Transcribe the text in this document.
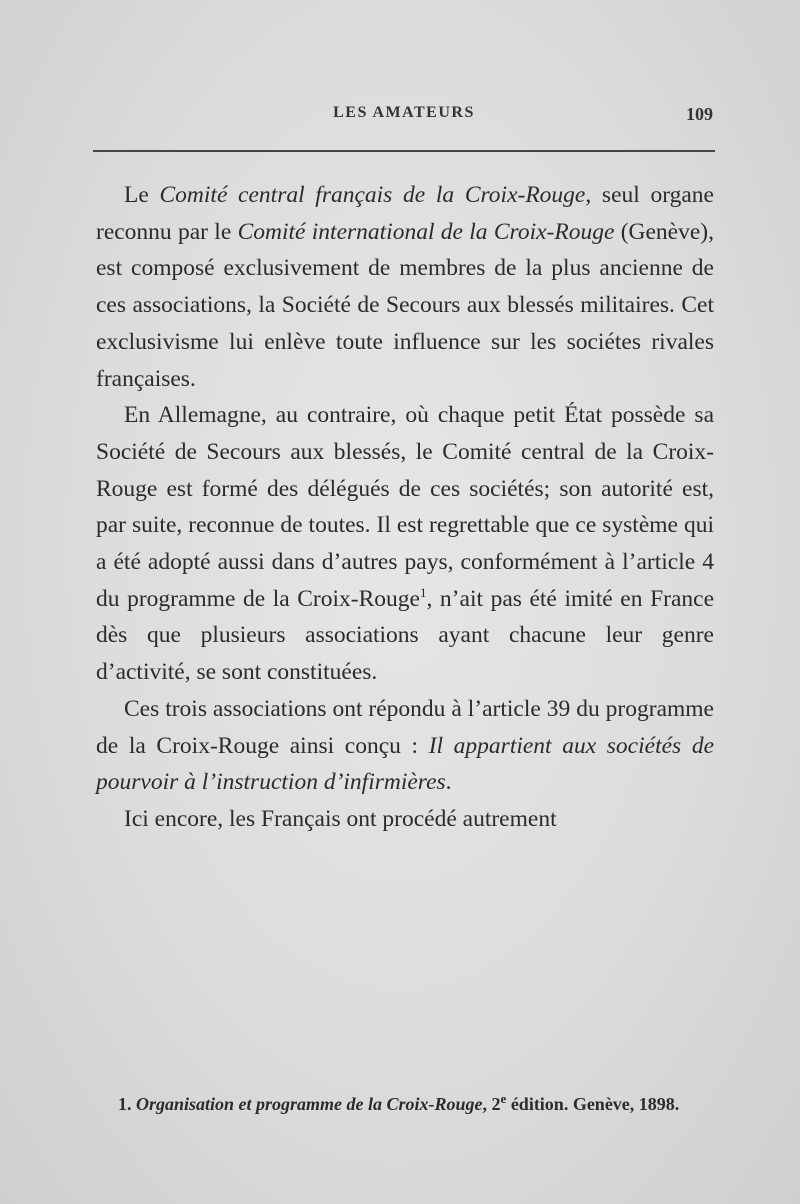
LES AMATEURS	109

Le Comité central français de la Croix-Rouge, seul organe reconnu par le Comité international de la Croix-Rouge (Genève), est composé exclusivement de membres de la plus ancienne de ces associations, la Société de Secours aux blessés militaires. Cet exclusivisme lui enlève toute influence sur les sociétes rivales françaises.

En Allemagne, au contraire, où chaque petit État possède sa Société de Secours aux blessés, le Comité central de la Croix-Rouge est formé des délégués de ces sociétés; son autorité est, par suite, reconnue de toutes. Il est regrettable que ce système qui a été adopté aussi dans d’autres pays, conformément à l’article 4 du programme de la Croix-Rouge$^1$, n’ait pas été imité en France dès que plusieurs associations ayant chacune leur genre d’activité, se sont constituées.

Ces trois associations ont répondu à l’article 39 du programme de la Croix-Rouge ainsi conçu : Il appartient aux sociétés de pourvoir à l’instruction d’infirmières.

Ici encore, les Français ont procédé autrement

1. Organisation et programme de la Croix-Rouge, 2e édition. Genève, 1898.
